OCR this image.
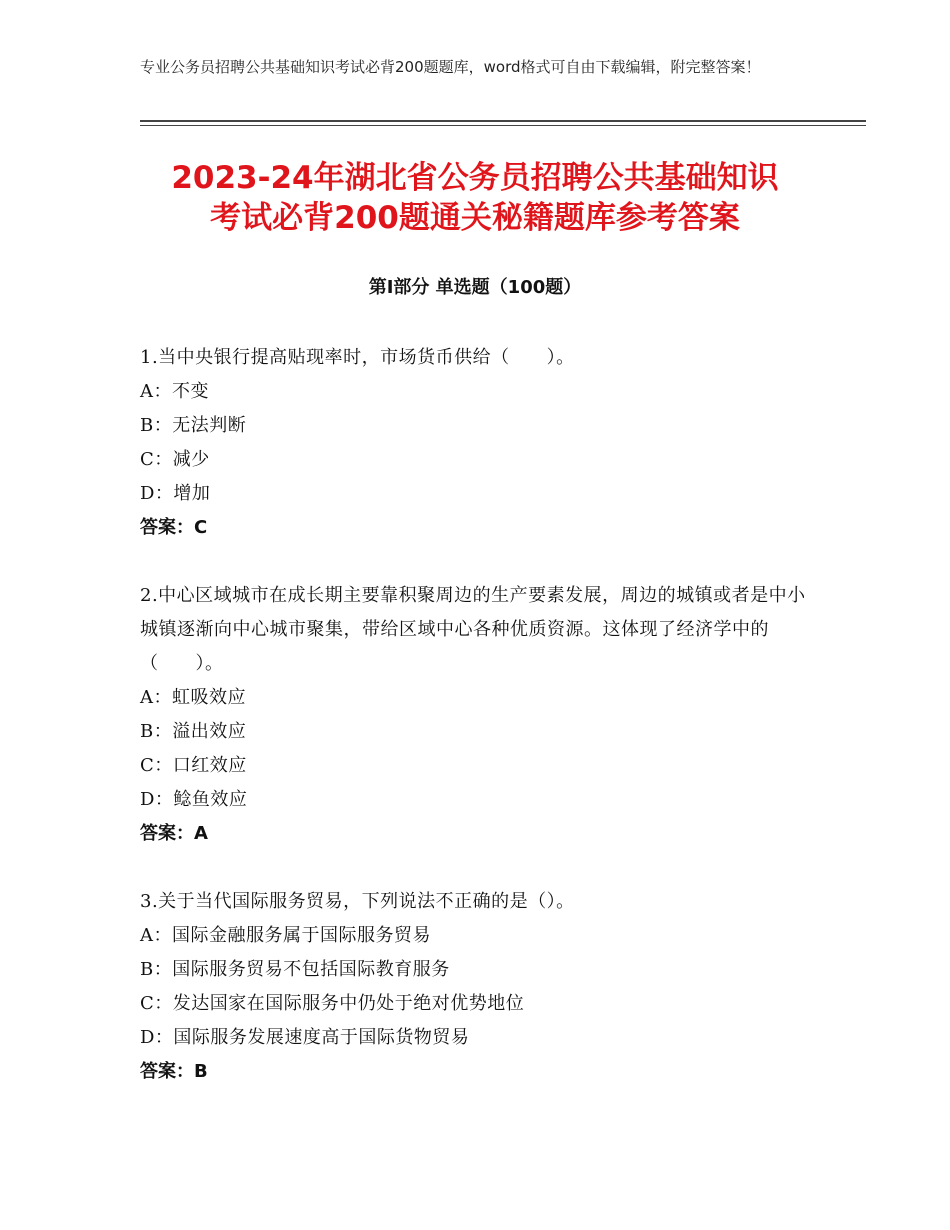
专业公务员招聘公共基础知识考试必背200题题库，word格式可自由下载编辑，附完整答案！
2023-24年湖北省公务员招聘公共基础知识
考试必背200题通关秘籍题库参考答案
第Ⅰ部分 单选题（100题）
1.当中央银行提高贴现率时，市场货币供给（　　）。
A：不变
B：无法判断
C：减少
D：增加
答案：C
2.中心区域城市在成长期主要靠积聚周边的生产要素发展，周边的城镇或者是中小城镇逐渐向中心城市聚集，带给区域中心各种优质资源。这体现了经济学中的（　　）。
A：虹吸效应
B：溢出效应
C：口红效应
D：鲶鱼效应
答案：A
3.关于当代国际服务贸易，下列说法不正确的是（）。
A：国际金融服务属于国际服务贸易
B：国际服务贸易不包括国际教育服务
C：发达国家在国际服务中仍处于绝对优势地位
D：国际服务发展速度高于国际货物贸易
答案：B
